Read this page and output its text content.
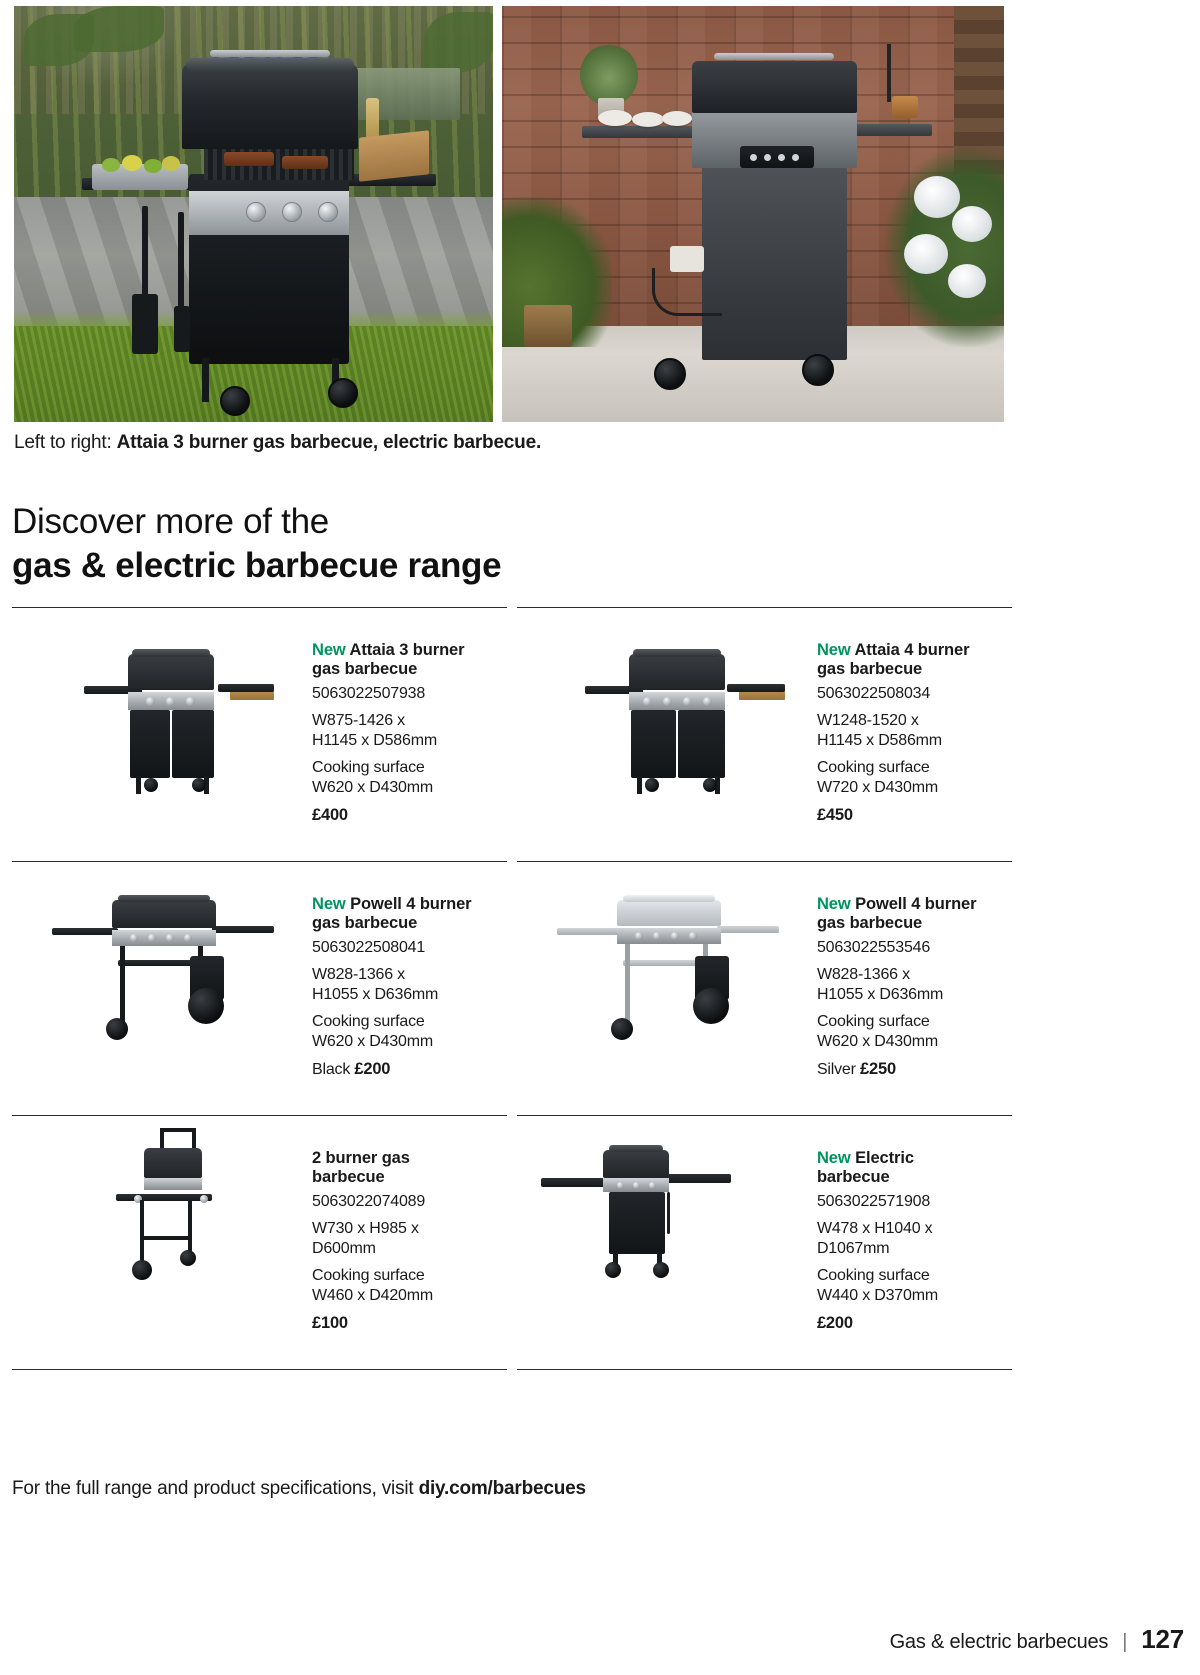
Left to right: Attaia 3 burner gas barbecue, electric barbecue.
Discover more of the
gas & electric barbecue range
New Attaia 3 burner
gas barbecue
5063022507938
W875-1426 x
H1145 x D586mm
Cooking surface
W620 x D430mm
£400
New Attaia 4 burner
gas barbecue
5063022508034
W1248-1520 x
H1145 x D586mm
Cooking surface
W720 x D430mm
£450
New Powell 4 burner
gas barbecue
5063022508041
W828-1366 x
H1055 x D636mm
Cooking surface
W620 x D430mm
Black £200
New Powell 4 burner
gas barbecue
5063022553546
W828-1366 x
H1055 x D636mm
Cooking surface
W620 x D430mm
Silver £250
2 burner gas
barbecue
5063022074089
W730 x H985 x
D600mm
Cooking surface
W460 x D420mm
£100
New Electric
barbecue
5063022571908
W478 x H1040 x
D1067mm
Cooking surface
W440 x D370mm
£200
For the full range and product specifications, visit diy.com/barbecues
Gas & electric barbecues | 127
